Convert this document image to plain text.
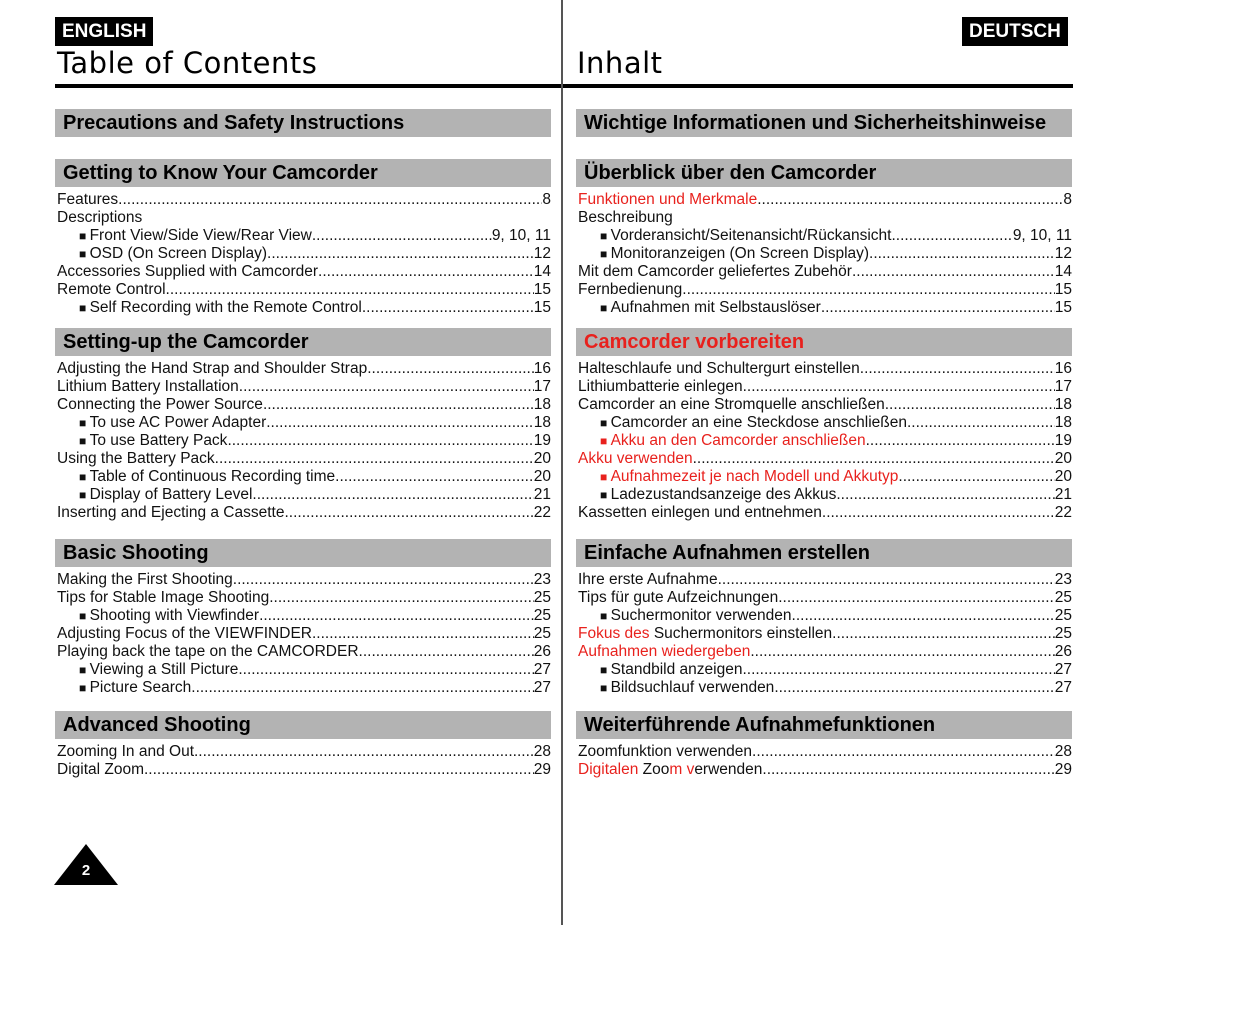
ENGLISH	DEUTSCH
Table of Contents	Inhalt
Precautions and Safety Instructions
Getting to Know Your Camcorder
Features .....	8
Descriptions
■ Front View/Side View/Rear View .....	9, 10, 11
■ OSD (On Screen Display) .....	12
Accessories Supplied with Camcorder .....	14
Remote Control .....	15
■ Self Recording with the Remote Control .....	15
Setting-up the Camcorder
Adjusting the Hand Strap and Shoulder Strap .....	16
Lithium Battery Installation .....	17
Connecting the Power Source .....	18
■ To use AC Power Adapter .....	18
■ To use Battery Pack .....	19
Using the Battery Pack .....	20
■ Table of Continuous Recording time .....	20
■ Display of Battery Level .....	21
Inserting and Ejecting a Cassette .....	22
Basic Shooting
Making the First Shooting .....	23
Tips for Stable Image Shooting .....	25
■ Shooting with Viewfinder .....	25
Adjusting Focus of the VIEWFINDER .....	25
Playing back the tape on the CAMCORDER .....	26
■ Viewing a Still Picture .....	27
■ Picture Search .....	27
Advanced Shooting
Zooming In and Out .....	28
Digital Zoom .....	29
Wichtige Informationen und Sicherheitshinweise
Überblick über den Camcorder
Funktionen und Merkmale .....	8
Beschreibung
■ Vorderansicht/Seitenansicht/Rückansicht .....	9, 10, 11
■ Monitoranzeigen (On Screen Display) .....	12
Mit dem Camcorder geliefertes Zubehör .....	14
Fernbedienung .....	15
■ Aufnahmen mit Selbstauslöser .....	15
Camcorder vorbereiten
Halteschlaufe und Schultergurt einstellen .....	16
Lithiumbatterie einlegen .....	17
Camcorder an eine Stromquelle anschließen .....	18
■ Camcorder an eine Steckdose anschließen .....	18
■ Akku an den Camcorder anschließen .....	19
Akku verwenden .....	20
■ Aufnahmezeit je nach Modell und Akkutyp .....	20
■ Ladezustandsanzeige des Akkus .....	21
Kassetten einlegen und entnehmen .....	22
Einfache Aufnahmen erstellen
Ihre erste Aufnahme .....	23
Tips für gute Aufzeichnungen .....	25
■ Suchermonitor verwenden .....	25
Fokus des Suchermonitors einstellen .....	25
Aufnahmen wiedergeben .....	26
■ Standbild anzeigen .....	27
■ Bildsuchlauf verwenden .....	27
Weiterführende Aufnahmefunktionen
Zoomfunktion verwenden .....	28
Digitalen Zoom verwenden .....	29
2
